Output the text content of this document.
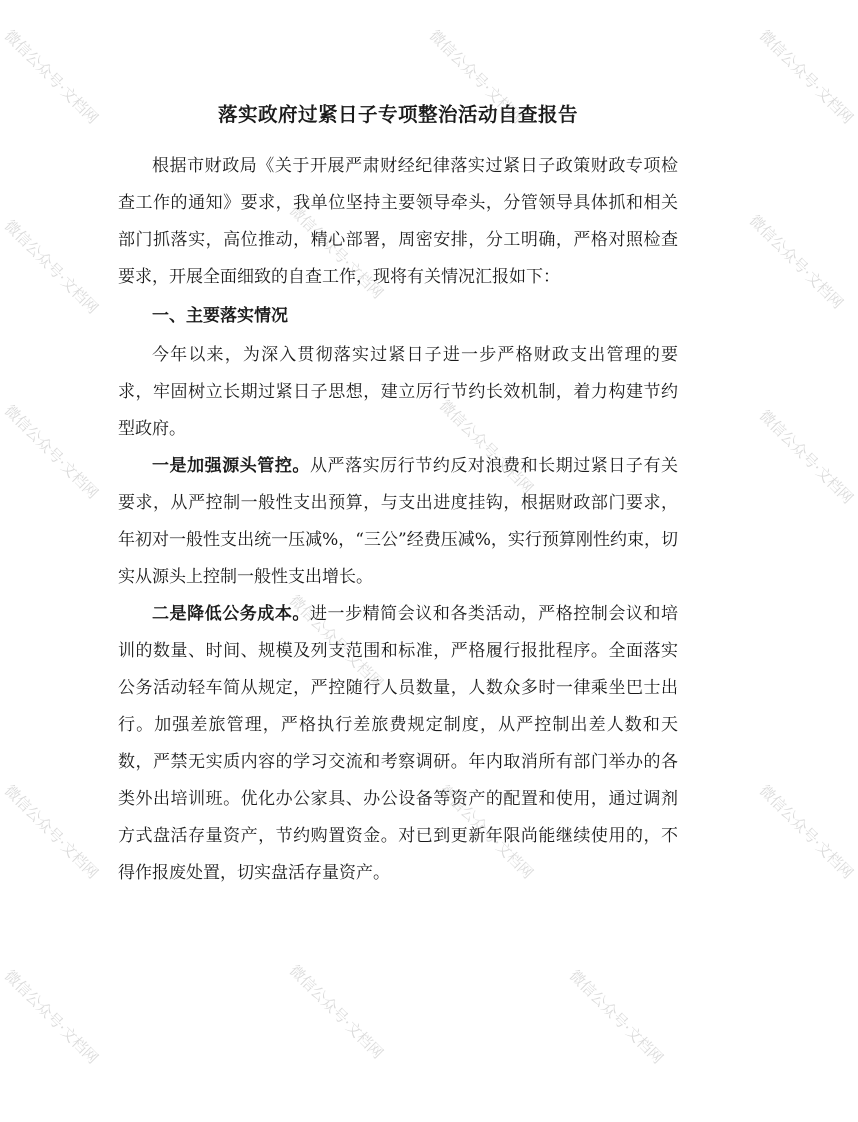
微信公众号·文档网	微信公众号·文档网	微信公众号·文档网
微信公众号·文档网	微信公众号·文档网	微信公众号·文档网
微信公众号·文档网	微信公众号·文档网	微信公众号·文档网
微信公众号·文档网
微信公众号·文档网	微信公众号·文档网	微信公众号·文档网
微信公众号·文档网
微信公众号·文档网	微信公众号·文档网
落实政府过紧日子专项整治活动自查报告

根据市财政局《关于开展严肃财经纪律落实过紧日子政策财政专项检查工作的通知》要求，我单位坚持主要领导牵头，分管领导具体抓和相关部门抓落实，高位推动，精心部署，周密安排，分工明确，严格对照检查要求，开展全面细致的自查工作，现将有关情况汇报如下：

一、主要落实情况

今年以来，为深入贯彻落实过紧日子进一步严格财政支出管理的要求，牢固树立长期过紧日子思想，建立厉行节约长效机制，着力构建节约型政府。

一是加强源头管控。从严落实厉行节约反对浪费和长期过紧日子有关要求，从严控制一般性支出预算，与支出进度挂钩，根据财政部门要求，年初对一般性支出统一压减%，“三公”经费压减%，实行预算刚性约束，切实从源头上控制一般性支出增长。

二是降低公务成本。进一步精简会议和各类活动，严格控制会议和培训的数量、时间、规模及列支范围和标准，严格履行报批程序。全面落实公务活动轻车简从规定，严控随行人员数量，人数众多时一律乘坐巴士出行。加强差旅管理，严格执行差旅费规定制度，从严控制出差人数和天数，严禁无实质内容的学习交流和考察调研。年内取消所有部门举办的各类外出培训班。优化办公家具、办公设备等资产的配置和使用，通过调剂方式盘活存量资产，节约购置资金。对已到更新年限尚能继续使用的，不得作报废处置，切实盘活存量资产。
